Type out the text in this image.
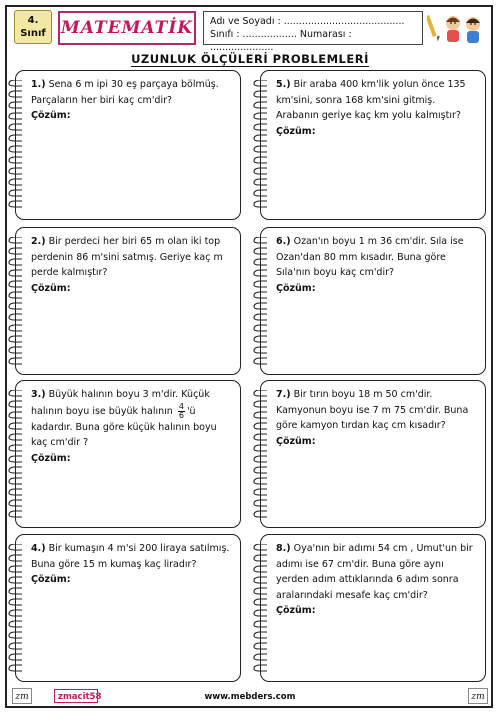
4.
Sınıf MATEMATİK Adı ve Soyadı : ........................................
Sınıfı : .................. Numarası : .....................
UZUNLUK ÖLÇÜLERİ PROBLEMLERİ
1.) Sena 6 m ipi 30 eş parçaya bölmüş. Parçaların her biri kaç cm'dir?
Çözüm:
2.) Bir perdeci her biri 65 m olan iki top perdenin 86 m'sini satmış. Geriye kaç m perde kalmıştır?
Çözüm:
3.) Büyük halının boyu 3 m'dir. Küçük halının boyu ise büyük halının $\frac{4}{6}$ 'ü kadardır. Buna göre küçük halının boyu kaç cm'dir ?
Çözüm:
4.) Bir kumaşın 4 m'si 200 liraya satılmış. Buna göre 15 m kumaş kaç liradır?
Çözüm:
5.) Bir araba 400 km'lik yolun önce 135 km'sini, sonra 168 km'sini gitmiş. Arabanın geriye kaç km yolu kalmıştır?
Çözüm:
6.) Ozan'ın boyu 1 m 36 cm'dir. Sıla ise Ozan'dan 80 mm kısadır. Buna göre Sıla'nın boyu kaç cm'dir?
Çözüm:
7.) Bir tırın boyu 18 m 50 cm'dir. Kamyonun boyu ise 7 m 75 cm'dir. Buna göre kamyon tırdan kaç cm kısadır?
Çözüm:
8.) Oya'nın bir adımı 54 cm , Umut'un bir adımı ise 67 cm'dir. Buna göre aynı yerden adım attıklarında 6 adım sonra aralarındaki mesafe kaç cm'dir?
Çözüm:
zm	zmacit58	www.mebders.com	zm
